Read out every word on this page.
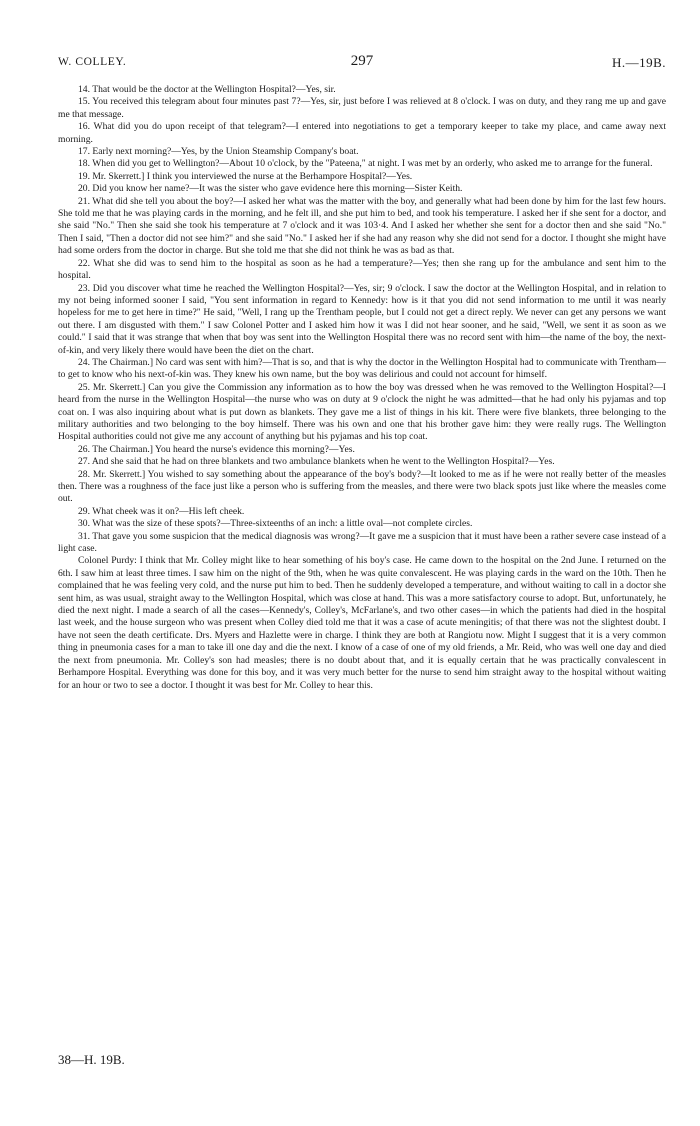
W. COLLEY.	297	H.—19B.

14. That would be the doctor at the Wellington Hospital?—Yes, sir.

15. You received this telegram about four minutes past 7?—Yes, sir, just before I was relieved at 8 o'clock. I was on duty, and they rang me up and gave me that message.

16. What did you do upon receipt of that telegram?—I entered into negotiations to get a temporary keeper to take my place, and came away next morning.

17. Early next morning?—Yes, by the Union Steamship Company's boat.

18. When did you get to Wellington?—About 10 o'clock, by the "Pateena," at night. I was met by an orderly, who asked me to arrange for the funeral.

19. Mr. Skerrett.] I think you interviewed the nurse at the Berhampore Hospital?—Yes.

20. Did you know her name?—It was the sister who gave evidence here this morning—Sister Keith.

21. What did she tell you about the boy?—I asked her what was the matter with the boy, and generally what had been done by him for the last few hours. She told me that he was playing cards in the morning, and he felt ill, and she put him to bed, and took his temperature. I asked her if she sent for a doctor, and she said "No." Then she said she took his temperature at 7 o'clock and it was 103·4. And I asked her whether she sent for a doctor then and she said "No." Then I said, "Then a doctor did not see him?" and she said "No." I asked her if she had any reason why she did not send for a doctor. I thought she might have had some orders from the doctor in charge. But she told me that she did not think he was as bad as that.

22. What she did was to send him to the hospital as soon as he had a temperature?—Yes; then she rang up for the ambulance and sent him to the hospital.

23. Did you discover what time he reached the Wellington Hospital?—Yes, sir; 9 o'clock. I saw the doctor at the Wellington Hospital, and in relation to my not being informed sooner I said, "You sent information in regard to Kennedy: how is it that you did not send information to me until it was nearly hopeless for me to get here in time?" He said, "Well, I rang up the Trentham people, but I could not get a direct reply. We never can get any persons we want out there. I am disgusted with them." I saw Colonel Potter and I asked him how it was I did not hear sooner, and he said, "Well, we sent it as soon as we could." I said that it was strange that when that boy was sent into the Wellington Hospital there was no record sent with him—the name of the boy, the next-of-kin, and very likely there would have been the diet on the chart.

24. The Chairman.] No card was sent with him?—That is so, and that is why the doctor in the Wellington Hospital had to communicate with Trentham—to get to know who his next-of-kin was. They knew his own name, but the boy was delirious and could not account for himself.

25. Mr. Skerrett.] Can you give the Commission any information as to how the boy was dressed when he was removed to the Wellington Hospital?—I heard from the nurse in the Wellington Hospital—the nurse who was on duty at 9 o'clock the night he was admitted—that he had only his pyjamas and top coat on. I was also inquiring about what is put down as blankets. They gave me a list of things in his kit. There were five blankets, three belonging to the military authorities and two belonging to the boy himself. There was his own and one that his brother gave him: they were really rugs. The Wellington Hospital authorities could not give me any account of anything but his pyjamas and his top coat.

26. The Chairman.] You heard the nurse's evidence this morning?—Yes.

27. And she said that he had on three blankets and two ambulance blankets when he went to the Wellington Hospital?—Yes.

28. Mr. Skerrett.] You wished to say something about the appearance of the boy's body?—It looked to me as if he were not really better of the measles then. There was a roughness of the face just like a person who is suffering from the measles, and there were two black spots just like where the measles come out.

29. What cheek was it on?—His left cheek.

30. What was the size of these spots?—Three-sixteenths of an inch: a little oval—not complete circles.

31. That gave you some suspicion that the medical diagnosis was wrong?—It gave me a suspicion that it must have been a rather severe case instead of a light case.

Colonel Purdy: I think that Mr. Colley might like to hear something of his boy's case. He came down to the hospital on the 2nd June. I returned on the 6th. I saw him at least three times. I saw him on the night of the 9th, when he was quite convalescent. He was playing cards in the ward on the 10th. Then he complained that he was feeling very cold, and the nurse put him to bed. Then he suddenly developed a temperature, and without waiting to call in a doctor she sent him, as was usual, straight away to the Wellington Hospital, which was close at hand. This was a more satisfactory course to adopt. But, unfortunately, he died the next night. I made a search of all the cases—Kennedy's, Colley's, McFarlane's, and two other cases—in which the patients had died in the hospital last week, and the house surgeon who was present when Colley died told me that it was a case of acute meningitis; of that there was not the slightest doubt. I have not seen the death certificate. Drs. Myers and Hazlette were in charge. I think they are both at Rangiotu now. Might I suggest that it is a very common thing in pneumonia cases for a man to take ill one day and die the next. I know of a case of one of my old friends, a Mr. Reid, who was well one day and died the next from pneumonia. Mr. Colley's son had measles; there is no doubt about that, and it is equally certain that he was practically convalescent in Berhampore Hospital. Everything was done for this boy, and it was very much better for the nurse to send him straight away to the hospital without waiting for an hour or two to see a doctor. I thought it was best for Mr. Colley to hear this.

38—H. 19B.
